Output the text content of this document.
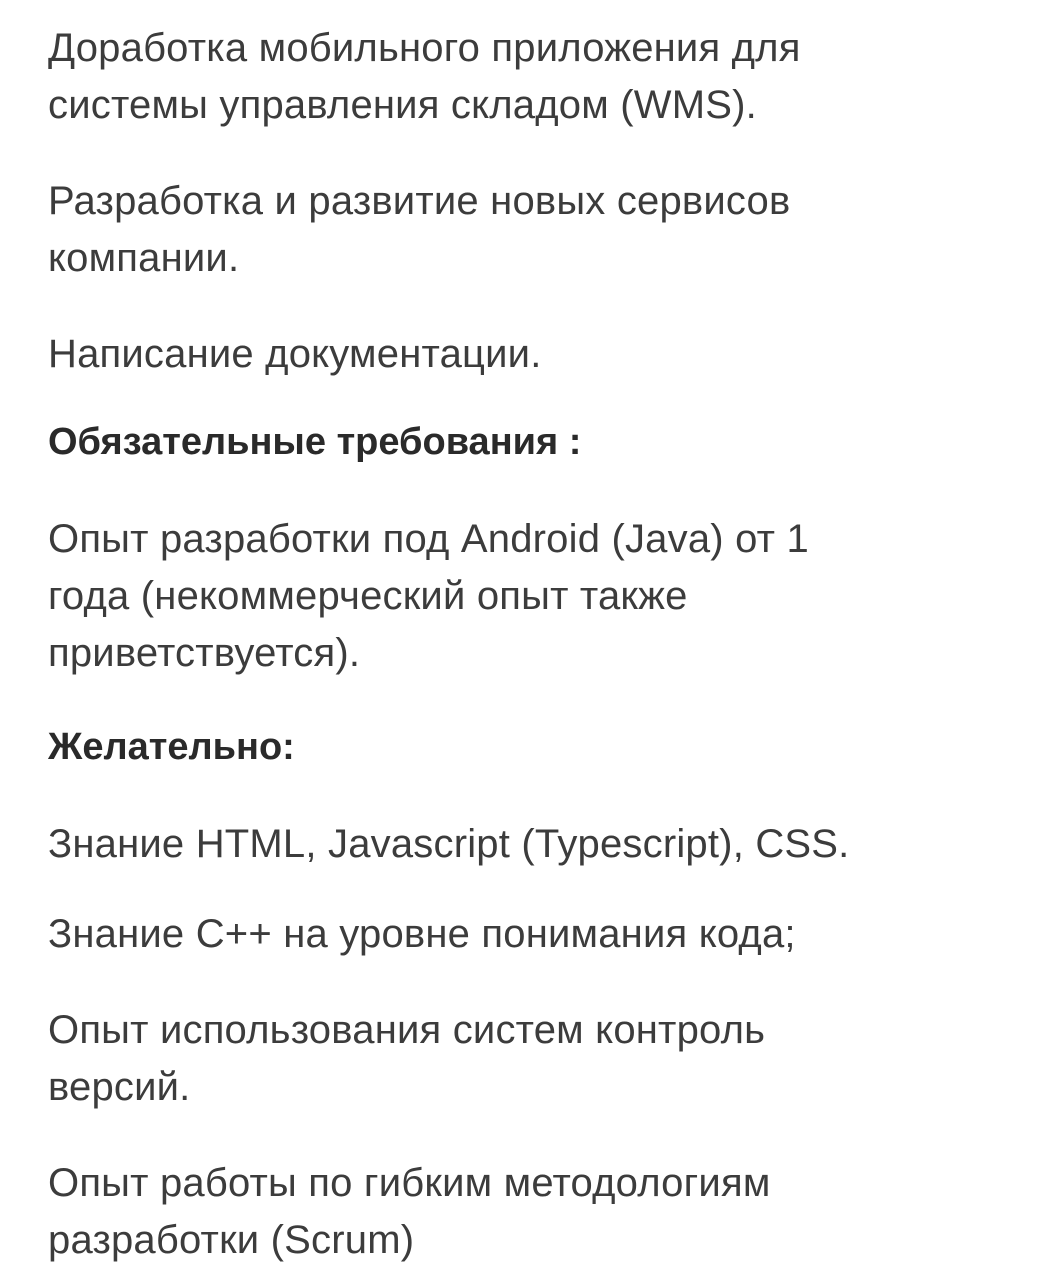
Доработка мобильного приложения для
системы управления складом (WMS).

Разработка и развитие новых сервисов
компании.

Написание документации.

Обязательные требования :

Опыт разработки под Android (Java) от 1
года (некоммерческий опыт также
приветствуется).

Желательно:

Знание HTML, Javascript (Typescript), CSS.

Знание С++ на уровне понимания кода;

Опыт использования систем контроль
версий.

Опыт работы по гибким методологиям
разработки (Scrum)
